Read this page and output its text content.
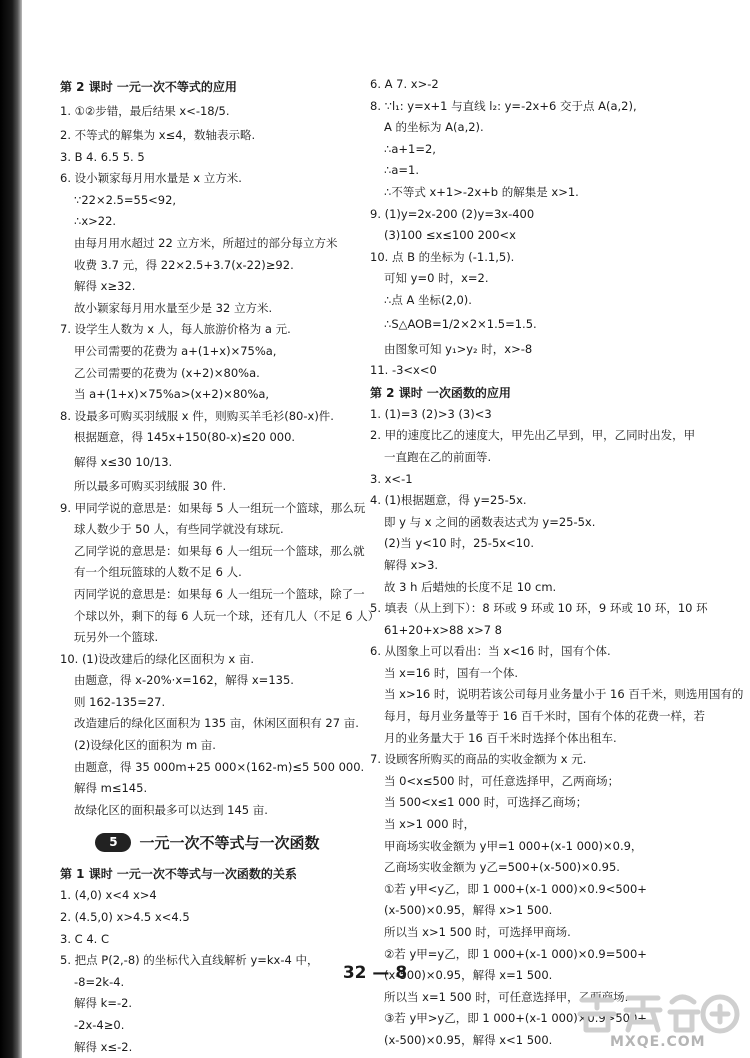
第 2 课时 一元一次不等式的应用
1. ①②步错，最后结果 x<-18/5.
2. 不等式的解集为 x≤4，数轴表示略.
3. B 4. 6.5 5. 5
6. 设小颖家每月用水量是 x 立方米.
∵22×2.5=55<92,
∴x>22.
由每月用水超过 22 立方米，所超过的部分每立方米
收费 3.7 元，得 22×2.5+3.7(x-22)≥92.
解得 x≥32.
故小颖家每月用水量至少是 32 立方米.
7. 设学生人数为 x 人，每人旅游价格为 a 元.
甲公司需要的花费为 a+(1+x)×75%a,
乙公司需要的花费为 (x+2)×80%a.
当 a+(1+x)×75%a>(x+2)×80%a,
8. 设最多可购买羽绒服 x 件，则购买羊毛衫(80-x)件.
根据题意，得 145x+150(80-x)≤20 000.
解得 x≤30 10/13.
所以最多可购买羽绒服 30 件.
9. 甲同学说的意思是：如果每 5 人一组玩一个篮球，那么玩
球人数少于 50 人，有些同学就没有球玩.
乙同学说的意思是：如果每 6 人一组玩一个篮球，那么就
有一个组玩篮球的人数不足 6 人.
丙同学说的意思是：如果每 6 人一组玩一个篮球，除了一
个球以外，剩下的每 6 人玩一个球，还有几人（不足 6 人）
玩另外一个篮球.
10. (1)设改建后的绿化区面积为 x 亩.
由题意，得 x-20%·x=162，解得 x=135.
则 162-135=27.
改造建后的绿化区面积为 135 亩，休闲区面积有 27 亩.
(2)设绿化区的面积为 m 亩.
由题意，得 35 000m+25 000×(162-m)≤5 500 000.
解得 m≤145.
故绿化区的面积最多可以达到 145 亩.
5 一元一次不等式与一次函数
第 1 课时 一元一次不等式与一次函数的关系
1. (4,0) x<4 x>4
2. (4.5,0) x>4.5 x<4.5
3. C 4. C
5. 把点 P(2,-8) 的坐标代入直线解析 y=kx-4 中，
-8=2k-4.
解得 k=-2.
-2x-4≥0.
解得 x≤-2.
6. A 7. x>-2
8. ∵l₁: y=x+1 与直线 l₂: y=-2x+6 交于点 A(a,2),
A 的坐标为 A(a,2).
∴a+1=2,
∴a=1.
∴不等式 x+1>-2x+b 的解集是 x>1.
9. (1)y=2x-200 (2)y=3x-400
(3)100 ≤x≤100 200<x
10. 点 B 的坐标为 (-1.1,5).
可知 y=0 时，x=2.
∴点 A 坐标(2,0).
∴S△AOB=1/2×2×1.5=1.5.
由图象可知 y₁>y₂ 时，x>-8
11. -3<x<0
第 2 课时 一次函数的应用
1. (1)=3 (2)>3 (3)<3
2. 甲的速度比乙的速度大，甲先出乙早到，甲，乙同时出发，甲
一直跑在乙的前面等.
3. x<-1
4. (1)根据题意，得 y=25-5x.
即 y 与 x 之间的函数表达式为 y=25-5x.
(2)当 y<10 时，25-5x<10.
解得 x>3.
故 3 h 后蜡烛的长度不足 10 cm.
5. 填表（从上到下）：8 环或 9 环或 10 环，9 环或 10 环，10 环
61+20+x>88 x>7 8
6. 从图象上可以看出：当 x<16 时，国有个体.
当 x=16 时，国有一个体.
当 x>16 时，说明若该公司每月业务量小于 16 百千米，则选用国有的
每月，每月业务量等于 16 百千米时，国有个体的花费一样，若
月的业务量大于 16 百千米时选择个体出租车.
7. 设顾客所购买的商品的实收金额为 x 元.
当 0<x≤500 时，可任意选择甲，乙两商场；
当 500<x≤1 000 时，可选择乙商场；
当 x>1 000 时，
甲商场实收金额为 y甲=1 000+(x-1 000)×0.9，
乙商场实收金额为 y乙=500+(x-500)×0.95.
①若 y甲<y乙，即 1 000+(x-1 000)×0.9<500+
(x-500)×0.95，解得 x>1 500.
所以当 x>1 500 时，可选择甲商场.
②若 y甲=y乙，即 1 000+(x-1 000)×0.9=500+
(x-500)×0.95，解得 x=1 500.
所以当 x=1 500 时，可任意选择甲，乙两商场.
③若 y甲>y乙，即 1 000+(x-1 000)×0.9>500+
(x-500)×0.95，解得 x<1 500.
32 — 8
MXQE.COM
